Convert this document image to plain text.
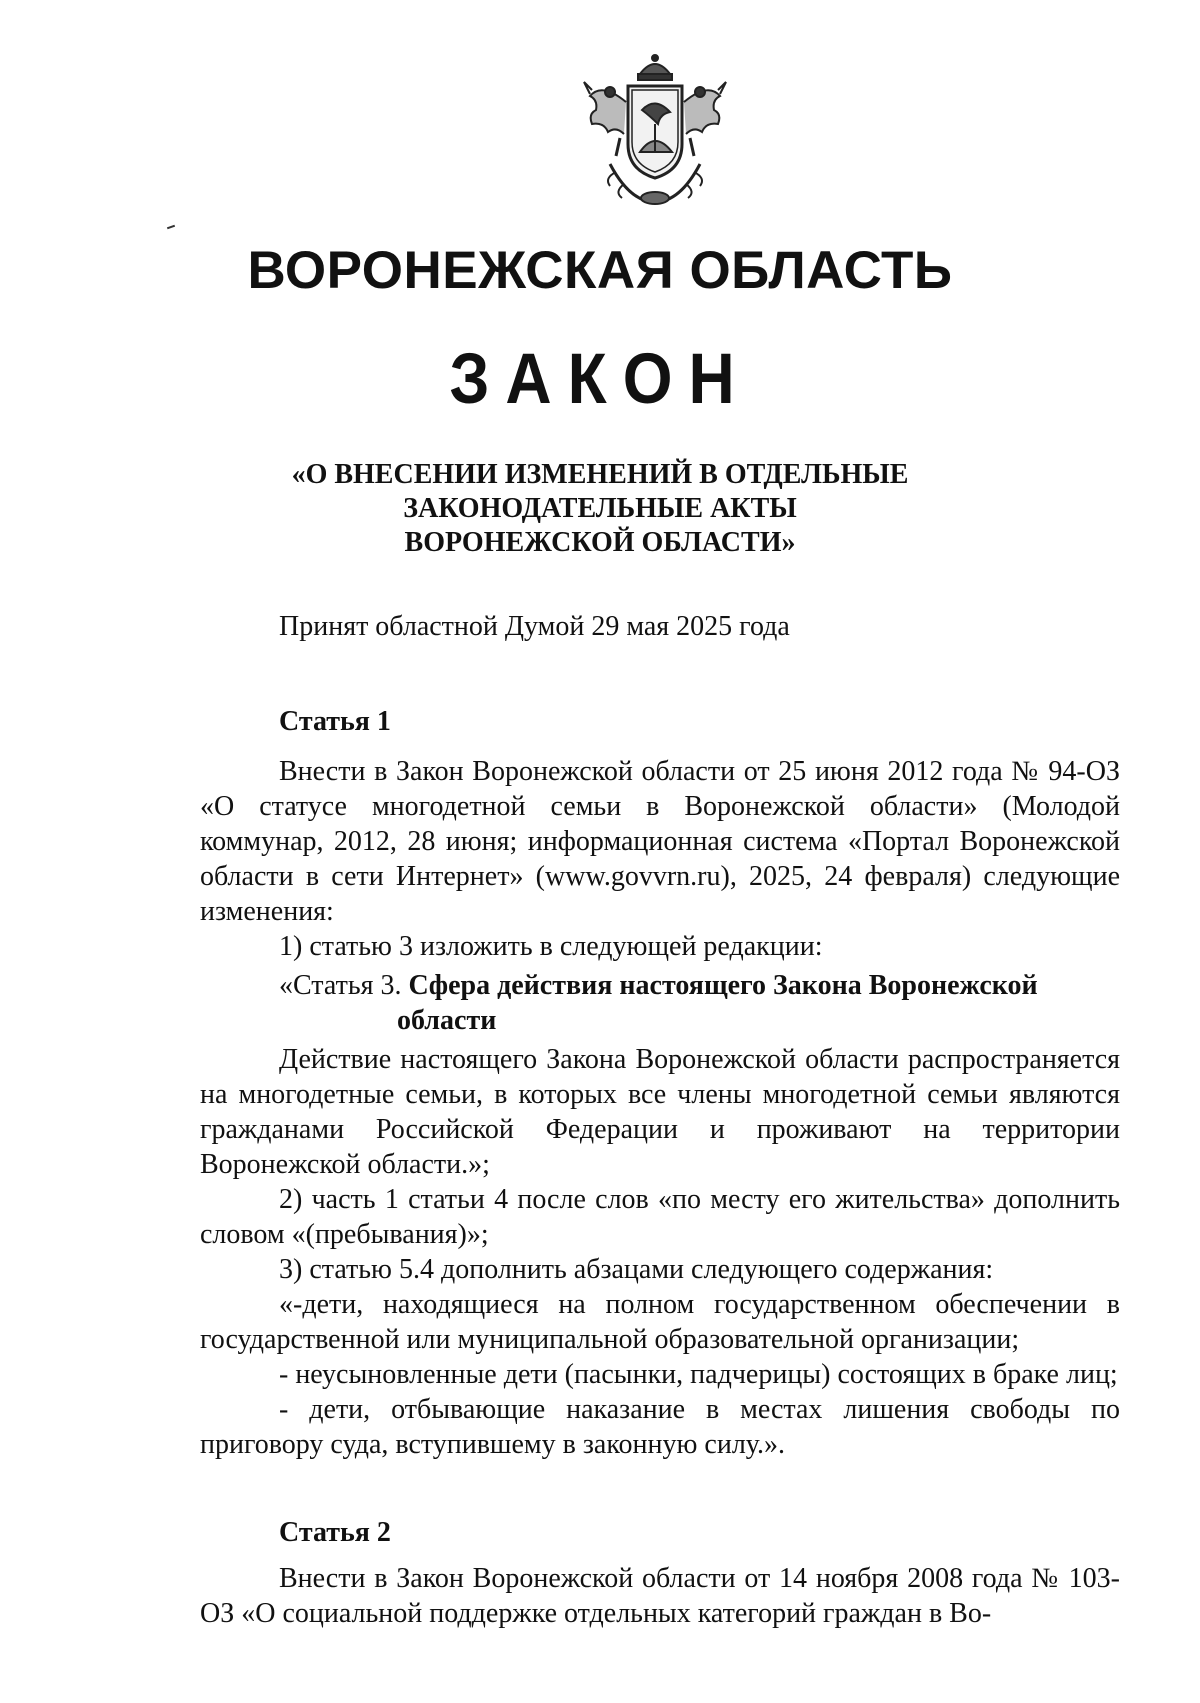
ВОРОНЕЖСКАЯ ОБЛАСТЬ
ЗАКОН
«О ВНЕСЕНИИ ИЗМЕНЕНИЙ В ОТДЕЛЬНЫЕ
ЗАКОНОДАТЕЛЬНЫЕ АКТЫ
ВОРОНЕЖСКОЙ ОБЛАСТИ»
Принят областной Думой 29 мая 2025 года
Статья 1

Внести в Закон Воронежской области от 25 июня 2012 года № 94-ОЗ «О статусе многодетной семьи в Воронежской области» (Молодой коммунар, 2012, 28 июня; информационная система «Портал Воронежской области в сети Интернет» (www.govvrn.ru), 2025, 24 февраля) следующие изменения:

1) статью 3 изложить в следующей редакции:

«Статья 3. Сфера действия настоящего Закона Воронежской

области

Действие настоящего Закона Воронежской области распространяется на многодетные семьи, в которых все члены многодетной семьи являются гражданами Российской Федерации и проживают на территории Воронежской области.»;

2) часть 1 статьи 4 после слов «по месту его жительства» дополнить словом «(пребывания)»;

3) статью 5.4 дополнить абзацами следующего содержания:

«-дети, находящиеся на полном государственном обеспечении в государственной или муниципальной образовательной организации;

- неусыновленные дети (пасынки, падчерицы) состоящих в браке лиц;

- дети, отбывающие наказание в местах лишения свободы по приговору суда, вступившему в законную силу.».

Статья 2

Внести в Закон Воронежской области от 14 ноября 2008 года № 103-ОЗ «О социальной поддержке отдельных категорий граждан в Во-
